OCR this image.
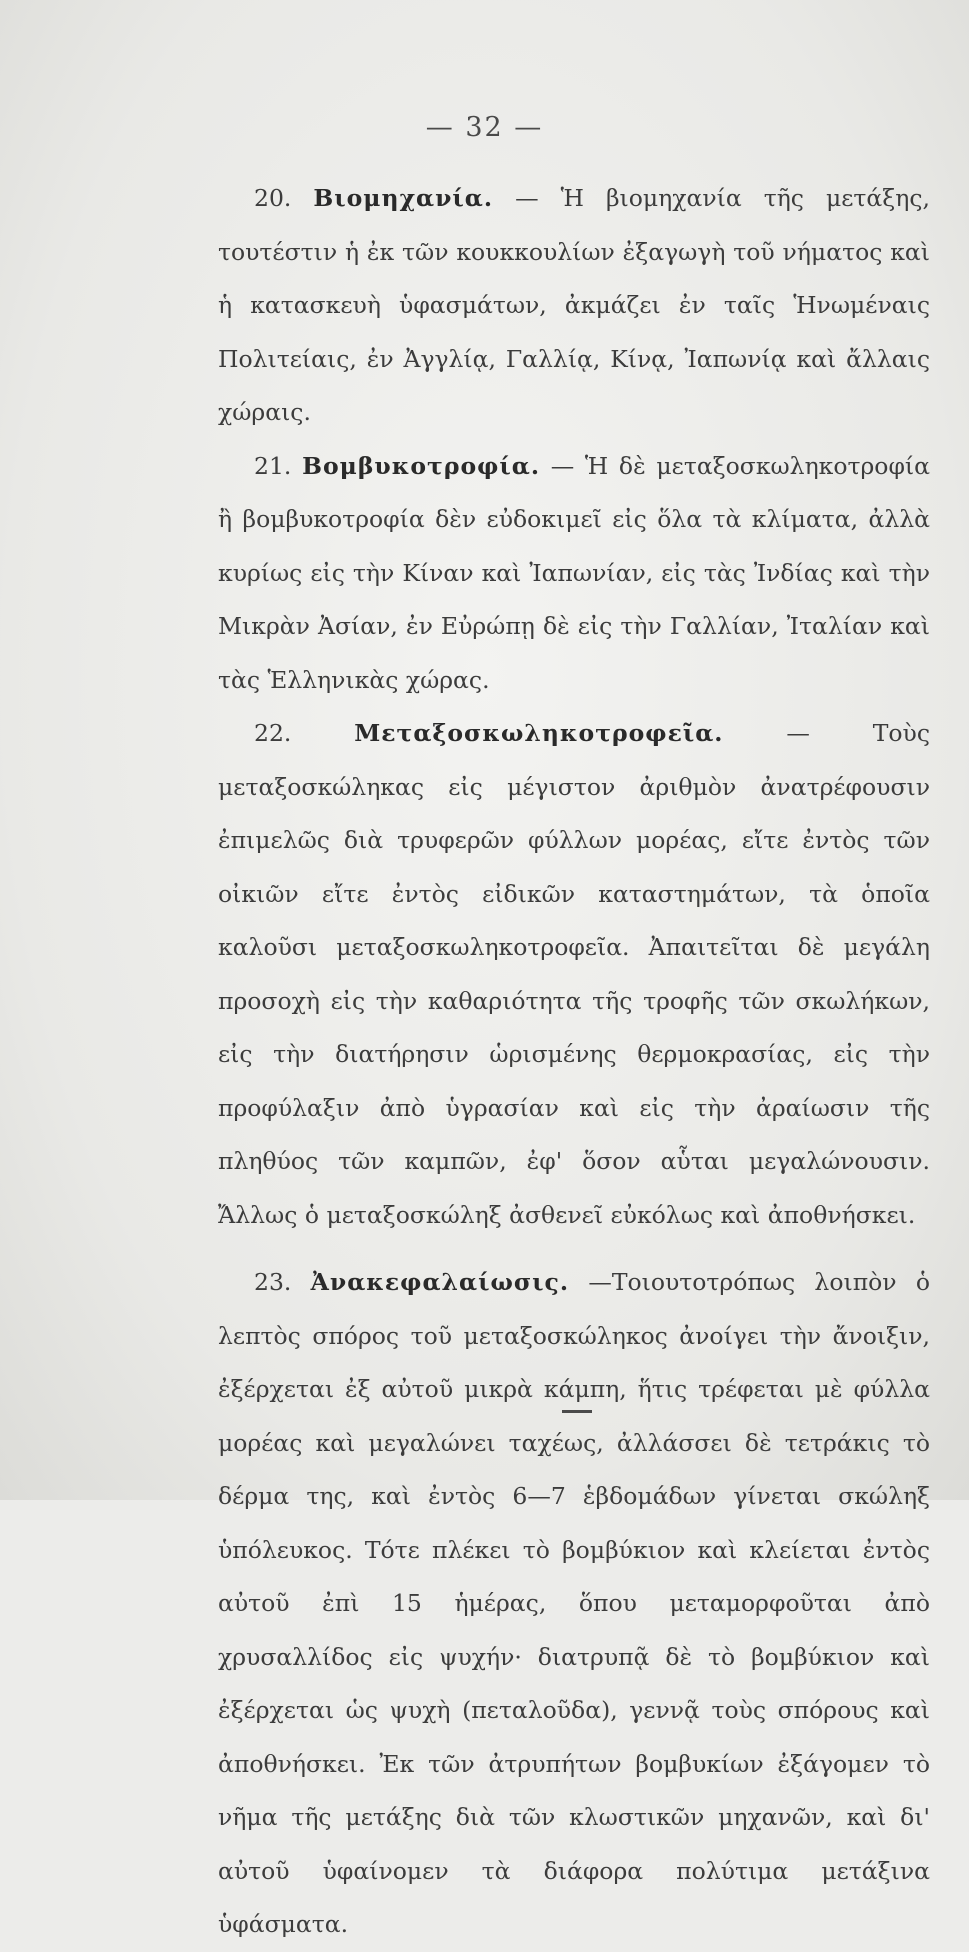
— 32 —

20. Βιομηχανία. — Ἡ βιομηχανία τῆς μετάξης, τουτέστιν ἡ ἐκ τῶν κουκκουλίων ἐξαγωγὴ τοῦ νήματος καὶ ἡ κατασκευὴ ὑφασμάτων, ἀκμάζει ἐν ταῖς Ἡνωμέναις Πολιτείαις, ἐν Ἀγγλίᾳ, Γαλλίᾳ, Κίνᾳ, Ἰαπωνίᾳ καὶ ἄλλαις χώραις.

21. Βομβυκοτροφία. — Ἡ δὲ μεταξοσκωληκοτροφία ἢ βομβυκοτροφία δὲν εὐδοκιμεῖ εἰς ὅλα τὰ κλίματα, ἀλλὰ κυρίως εἰς τὴν Κίναν καὶ Ἰαπωνίαν, εἰς τὰς Ἰνδίας καὶ τὴν Μικρὰν Ἀσίαν, ἐν Εὐρώπῃ δὲ εἰς τὴν Γαλλίαν, Ἰταλίαν καὶ τὰς Ἑλληνικὰς χώρας.

22.	Μεταξοσκωληκοτροφεῖα.	— Τοὺς μεταξοσκώληκας εἰς μέγιστον ἀριθμὸν ἀνατρέφουσιν ἐπιμελῶς διὰ τρυφερῶν φύλλων μορέας, εἴτε ἐντὸς τῶν οἰκιῶν εἴτε ἐντὸς εἰδικῶν καταστημάτων, τὰ ὁποῖα καλοῦσι μεταξοσκωληκοτροφεῖα. Ἀπαιτεῖται δὲ μεγάλη προσοχὴ εἰς τὴν καθαριότητα τῆς τροφῆς τῶν σκωλήκων, εἰς τὴν διατήρησιν ὡρισμένης θερμοκρασίας, εἰς τὴν προφύλαξιν ἀπὸ ὑγρασίαν καὶ εἰς τὴν ἀραίωσιν τῆς πληθύος τῶν καμπῶν, ἐφ' ὅσον αὗται μεγαλώνουσιν. Ἄλλως ὁ μεταξοσκώληξ ἀσθενεῖ εὐκόλως καὶ ἀποθνήσκει.

23. Ἀνακεφαλαίωσις. —Τοιουτοτρόπως λοιπὸν ὁ λεπτὸς σπόρος τοῦ μεταξοσκώληκος ἀνοίγει τὴν ἄνοιξιν, ἐξέρχεται ἐξ αὐτοῦ μικρὰ κάμπη, ἥτις τρέφεται μὲ φύλλα μορέας καὶ μεγαλώνει ταχέως, ἀλλάσσει δὲ τετράκις τὸ δέρμα της, καὶ ἐντὸς 6—7 ἑβδομάδων γίνεται σκώληξ ὑπόλευκος. Τότε πλέκει τὸ βομβύκιον καὶ κλείεται ἐντὸς αὐτοῦ ἐπὶ 15 ἡμέρας, ὅπου μεταμορφοῦται ἀπὸ χρυσαλλίδος εἰς ψυχήν· διατρυπᾷ δὲ τὸ βομβύκιον καὶ ἐξέρχεται ὡς ψυχὴ (πεταλοῦδα), γεννᾷ τοὺς σπόρους καὶ ἀποθνήσκει. Ἐκ τῶν ἀτρυπήτων βομβυκίων ἐξάγομεν τὸ νῆμα τῆς μετάξης διὰ τῶν κλωστικῶν μηχανῶν, καὶ δι' αὐτοῦ ὑφαίνομεν τὰ διάφορα πολύτιμα μετάξινα ὑφάσματα.
